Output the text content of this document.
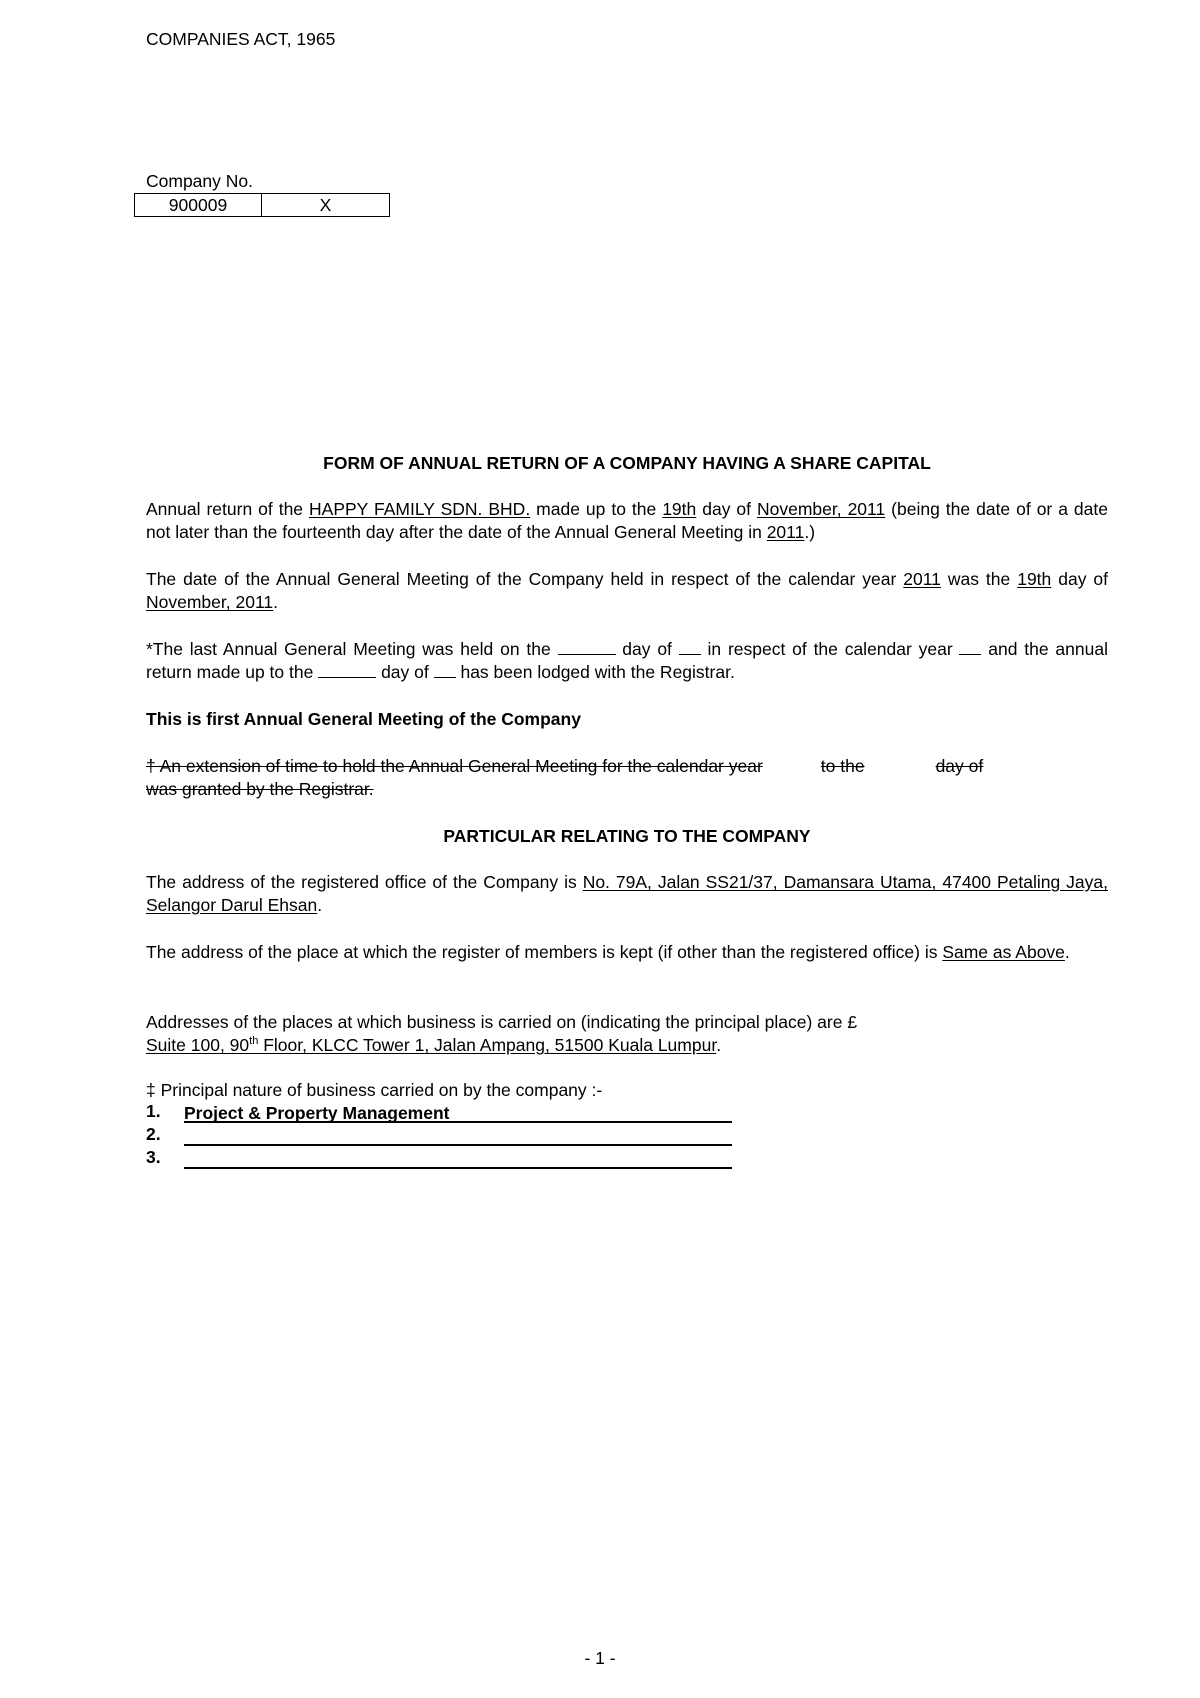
COMPANIES ACT, 1965
Company No.
900009	X
FORM OF ANNUAL RETURN OF A COMPANY HAVING A SHARE CAPITAL
Annual return of the HAPPY FAMILY SDN. BHD. made up to the 19th day of November, 2011 (being the date of or a date not later than the fourteenth day after the date of the Annual General Meeting in 2011.)
The date of the Annual General Meeting of the Company held in respect of the calendar year 2011 was the 19th day of November, 2011.
*The last Annual General Meeting was held on the	day of  in respect of the calendar year  and the annual return made up to the	day of  has been lodged with the Registrar.
This is first Annual General Meeting of the Company
† An extension of time to hold the Annual General Meeting for the calendar year	to the	day of
was granted by the Registrar.
PARTICULAR RELATING TO THE COMPANY
The address of the registered office of the Company is No. 79A, Jalan SS21/37, Damansara Utama, 47400 Petaling Jaya, Selangor Darul Ehsan.
The address of the place at which the register of members is kept (if other than the registered office) is Same as Above.
Addresses of the places at which business is carried on (indicating the principal place) are £
Suite 100, 90th Floor, KLCC Tower 1, Jalan Ampang, 51500 Kuala Lumpur.
‡ Principal nature of business carried on by the company :-
1.	Project & Property Management
2.
3.
- 1 -
